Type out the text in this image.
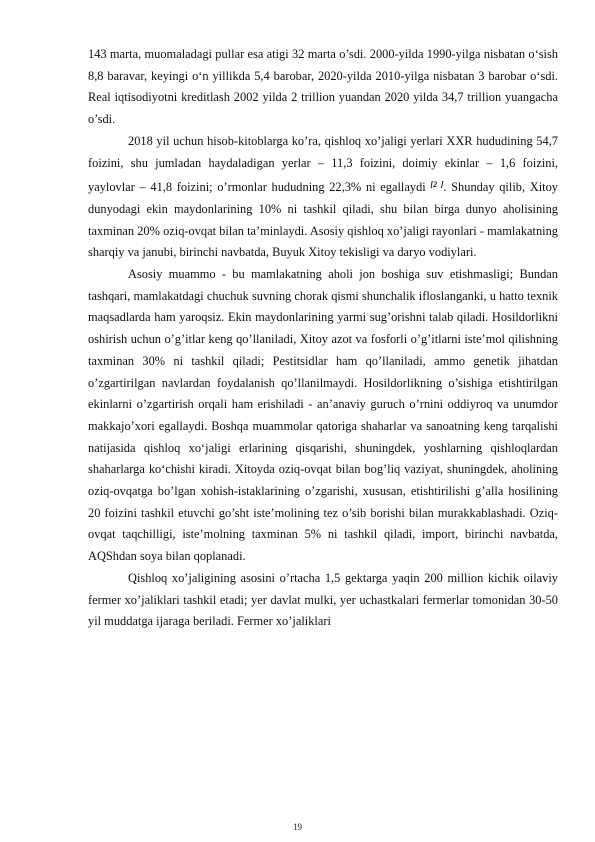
143 marta, muomaladagi pullar esa atigi 32 marta o’sdi. 2000-yilda 1990-yilga nisbatan o‘sish 8,8 baravar, keyingi o‘n yillikda 5,4 barobar, 2020-yilda 2010-yilga nisbatan 3 barobar o‘sdi. Real iqtisodiyotni kreditlash 2002 yilda 2 trillion yuandan 2020 yilda 34,7 trillion yuangacha o’sdi.

2018 yil uchun hisob-kitoblarga ko’ra, qishloq xo’jaligi yerlari XXR hududining 54,7 foizini, shu jumladan haydaladigan yerlar – 11,3 foizini, doimiy ekinlar – 1,6 foizini, yaylovlar – 41,8 foizini; o’rmonlar hududning 22,3% ni egallaydi [2 ]. Shunday qilib, Xitoy dunyodagi ekin maydonlarining 10% ni tashkil qiladi, shu bilan birga dunyo aholisining taxminan 20% oziq-ovqat bilan ta’minlaydi. Asosiy qishloq xo’jaligi rayonlari - mamlakatning sharqiy va janubi, birinchi navbatda, Buyuk Xitoy tekisligi va daryo vodiylari.

Asosiy muammo - bu mamlakatning aholi jon boshiga suv etishmasligi; Bundan tashqari, mamlakatdagi chuchuk suvning chorak qismi shunchalik ifloslanganki, u hatto texnik maqsadlarda ham yaroqsiz. Ekin maydonlarining yarmi sug’orishni talab qiladi. Hosildorlikni oshirish uchun o’g’itlar keng qo’llaniladi, Xitoy azot va fosforli o’g’itlarni iste’mol qilishning taxminan 30% ni tashkil qiladi; Pestitsidlar ham qo’llaniladi, ammo genetik jihatdan o’zgartirilgan navlardan foydalanish qo’llanilmaydi. Hosildorlikning o’sishiga etishtirilgan ekinlarni o’zgartirish orqali ham erishiladi - an’anaviy guruch o’rnini oddiyroq va unumdor makkajo’xori egallaydi. Boshqa muammolar qatoriga shaharlar va sanoatning keng tarqalishi natijasida qishloq xo‘jaligi erlarining qisqarishi, shuningdek, yoshlarning qishloqlardan shaharlarga ko‘chishi kiradi. Xitoyda oziq-ovqat bilan bog’liq vaziyat, shuningdek, aholining oziq-ovqatga bo’lgan xohish-istaklarining o’zgarishi, xususan, etishtirilishi g’alla hosilining 20 foizini tashkil etuvchi go’sht iste’molining tez o’sib borishi bilan murakkablashadi. Oziq-ovqat taqchilligi, iste’molning taxminan 5% ni tashkil qiladi, import, birinchi navbatda, AQShdan soya bilan qoplanadi.

Qishloq xo’jaligining asosini o’rtacha 1,5 gektarga yaqin 200 million kichik oilaviy fermer xo’jaliklari tashkil etadi; yer davlat mulki, yer uchastkalari fermerlar tomonidan 30-50 yil muddatga ijaraga beriladi. Fermer xo’jaliklari

19
